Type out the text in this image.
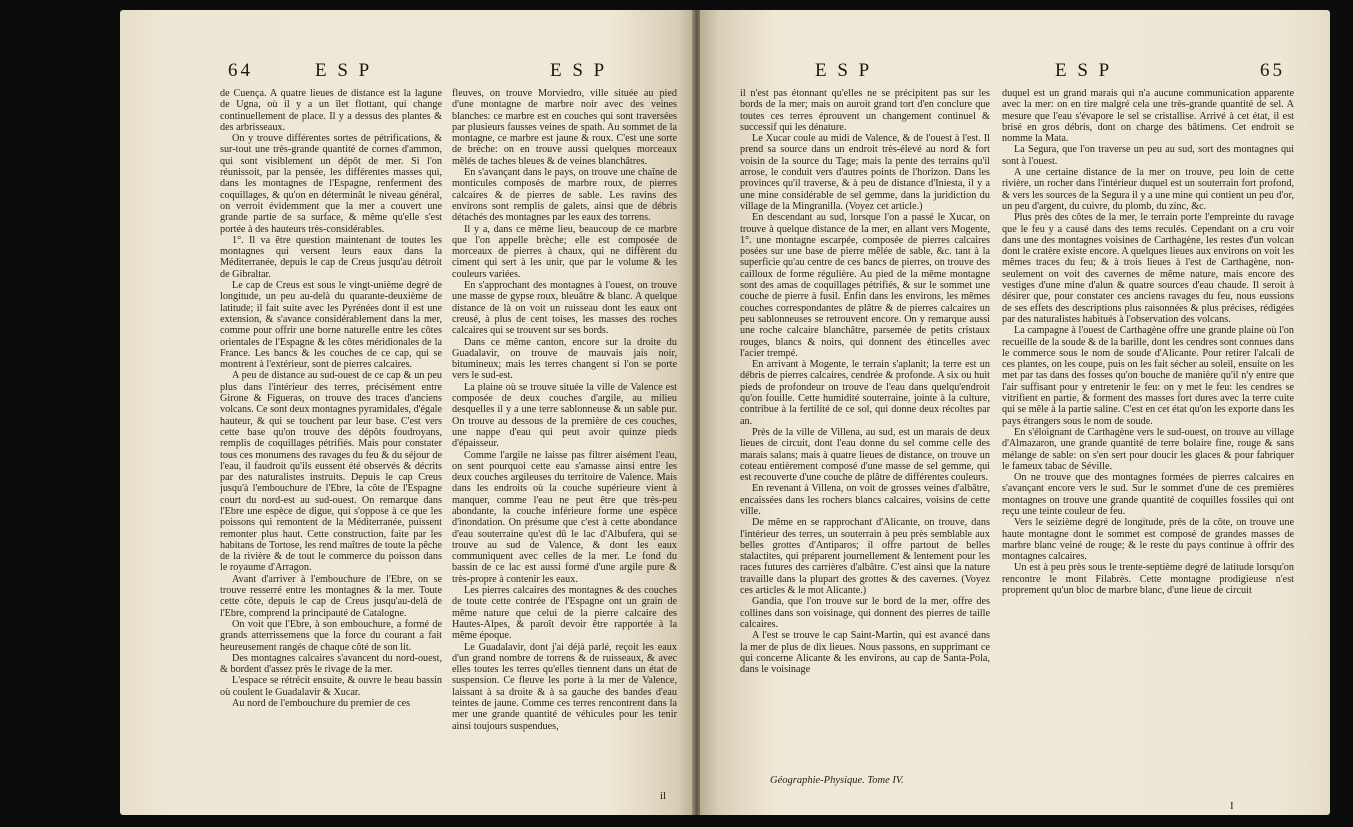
64	E S P	E S P

de Cuença. A quatre lieues de distance est la lagune de Ugna, où il y a un îlet flottant, qui change continuellement de place. Il y a dessus des plantes & des arbrisseaux.

On y trouve différentes sortes de pétrifications, & sur-tout une très-grande quantité de cornes d'ammon, qui sont visiblement un dépôt de mer. Si l'on réunissoit, par la pensée, les différentes masses qui, dans les montagnes de l'Espagne, renferment des coquillages, & qu'on en déterminât le niveau général, on verroit évidemment que la mer a couvert une grande partie de sa surface, & même qu'elle s'est portée à des hauteurs très-considérables.

1°. Il va être question maintenant de toutes les montagnes qui versent leurs eaux dans la Méditerranée, depuis le cap de Creus jusqu'au détroit de Gibraltar.

Le cap de Creus est sous le vingt-unième degré de longitude, un peu au-delà du quarante-deuxième de latitude; il fait suite avec les Pyrénées dont il est une extension, & s'avance considérablement dans la mer, comme pour offrir une borne naturelle entre les côtes orientales de l'Espagne & les côtes méridionales de la France. Les bancs & les couches de ce cap, qui se montrent à l'extérieur, sont de pierres calcaires.

A peu de distance au sud-ouest de ce cap & un peu plus dans l'intérieur des terres, précisément entre Girone & Figueras, on trouve des traces d'anciens volcans. Ce sont deux montagnes pyramidales, d'égale hauteur, & qui se touchent par leur base. C'est vers cette base qu'on trouve des dépôts foudroyans, remplis de coquillages pétrifiés. Mais pour constater tous ces monumens des ravages du feu & du séjour de l'eau, il faudroit qu'ils eussent été observés & décrits par des naturalistes instruits. Depuis le cap Creus jusqu'à l'embouchure de l'Ebre, la côte de l'Espagne court du nord-est au sud-ouest. On remarque dans l'Ebre une espèce de digue, qui s'oppose à ce que les poissons qui remontent de la Méditerranée, puissent remonter plus haut. Cette construction, faite par les habitans de Tortose, les rend maîtres de toute la pêche de la rivière & de tout le commerce du poisson dans le royaume d'Arragon.

Avant d'arriver à l'embouchure de l'Ebre, on se trouve resserré entre les montagnes & la mer. Toute cette côte, depuis le cap de Creus jusqu'au-delà de l'Ebre, comprend la principauté de Catalogne.

On voit que l'Ebre, à son embouchure, a formé de grands atterrissemens que la force du courant a fait heureusement rangés de chaque côté de son lit.

Des montagnes calcaires s'avancent du nord-ouest, & bordent d'assez près le rivage de la mer.

L'espace se rétrécit ensuite, & ouvre le beau bassin où coulent le Guadalavir & Xucar.

Au nord de l'embouchure du premier de ces

fleuves, on trouve Morviedro, ville située au pied d'une montagne de marbre noir avec des veines blanches: ce marbre est en couches qui sont traversées par plusieurs fausses veines de spath. Au sommet de la montagne, ce marbre est jaune & roux. C'est une sorte de brèche: on en trouve aussi quelques morceaux mêlés de taches bleues & de veines blanchâtres.

En s'avançant dans le pays, on trouve une chaîne de monticules composés de marbre roux, de pierres calcaires & de pierres de sable. Les ravins des environs sont remplis de galets, ainsi que de débris détachés des montagnes par les eaux des torrens.

Il y a, dans ce même lieu, beaucoup de ce marbre que l'on appelle brèche; elle est composée de morceaux de pierres à chaux, qui ne diffèrent du ciment qui sert à les unir, que par le volume & les couleurs variées.

En s'approchant des montagnes à l'ouest, on trouve une masse de gypse roux, bleuâtre & blanc. A quelque distance de là on voit un ruisseau dont les eaux ont creusé, à plus de cent toises, les masses des roches calcaires qui se trouvent sur ses bords.

Dans ce même canton, encore sur la droite du Guadalavir, on trouve de mauvais jais noir, bitumineux; mais les terres changent si l'on se porte vers le sud-est.

La plaine où se trouve située la ville de Valence est composée de deux couches d'argile, au milieu desquelles il y a une terre sablonneuse & un sable pur. On trouve au dessous de la première de ces couches, une nappe d'eau qui peut avoir quinze pieds d'épaisseur.

Comme l'argile ne laisse pas filtrer aisément l'eau, on sent pourquoi cette eau s'amasse ainsi entre les deux couches argileuses du territoire de Valence. Mais dans les endroits où la couche supérieure vient à manquer, comme l'eau ne peut être que très-peu abondante, la couche inférieure forme une espèce d'inondation. On présume que c'est à cette abondance d'eau souterraine qu'est dû le lac d'Albufera, qui se trouve au sud de Valence, & dont les eaux communiquent avec celles de la mer. Le fond du bassin de ce lac est aussi formé d'une argile pure & très-propre à contenir les eaux.

Les pierres calcaires des montagnes & des couches de toute cette contrée de l'Espagne ont un grain de même nature que celui de la pierre calcaire des Hautes-Alpes, & paroît devoir être rapportée à la même époque.

Le Guadalavir, dont j'ai déjà parlé, reçoit les eaux d'un grand nombre de torrens & de ruisseaux, & avec elles toutes les terres qu'elles tiennent dans un état de suspension. Ce fleuve les porte à la mer de Valence, laissant à sa droite & à sa gauche des bandes d'eau teintes de jaune. Comme ces terres rencontrent dans la mer une grande quantité de véhicules pour les tenir ainsi toujours suspendues,

il
E S P	E S P	65

il n'est pas étonnant qu'elles ne se précipitent pas sur les bords de la mer; mais on auroit grand tort d'en conclure que toutes ces terres éprouvent un changement continuel & successif qui les dénature.

Le Xucar coule au midi de Valence, & de l'ouest à l'est. Il prend sa source dans un endroit très-élevé au nord & fort voisin de la source du Tage; mais la pente des terrains qu'il arrose, le conduit vers d'autres points de l'horizon. Dans les provinces qu'il traverse, & à peu de distance d'Iniesta, il y a une mine considérable de sel gemme, dans la juridiction du village de la Mingranilla. (Voyez cet article.)

En descendant au sud, lorsque l'on a passé le Xucar, on trouve à quelque distance de la mer, en allant vers Mogente, 1°. une montagne escarpée, composée de pierres calcaires posées sur une base de pierre mêlée de sable, &c. tant à la superficie qu'au centre de ces bancs de pierres, on trouve des cailloux de forme régulière. Au pied de la même montagne sont des amas de coquillages pétrifiés, & sur le sommet une couche de pierre à fusil. Enfin dans les environs, les mêmes couches correspondantes de plâtre & de pierres calcaires un peu sablonneuses se retrouvent encore. On y remarque aussi une roche calcaire blanchâtre, parsemée de petits cristaux rouges, blancs & noirs, qui donnent des étincelles avec l'acier trempé.

En arrivant à Mogente, le terrain s'aplanit; la terre est un débris de pierres calcaires, cendrée & profonde. A six ou huit pieds de profondeur on trouve de l'eau dans quelqu'endroit qu'on fouille. Cette humidité souterraine, jointe à la culture, contribue à la fertilité de ce sol, qui donne deux récoltes par an.

Près de la ville de Villena, au sud, est un marais de deux lieues de circuit, dont l'eau donne du sel comme celle des marais salans; mais à quatre lieues de distance, on trouve un coteau entièrement composé d'une masse de sel gemme, qui est recouverte d'une couche de plâtre de différentes couleurs.

En revenant à Villena, on voit de grosses veines d'albâtre, encaissées dans les rochers blancs calcaires, voisins de cette ville.

De même en se rapprochant d'Alicante, on trouve, dans l'intérieur des terres, un souterrain à peu près semblable aux belles grottes d'Antiparos; il offre partout de belles stalactites, qui préparent journellement & lentement pour les races futures des carrières d'albâtre. C'est ainsi que la nature travaille dans la plupart des grottes & des cavernes. (Voyez ces articles & le mot Alicante.)

Gandia, que l'on trouve sur le bord de la mer, offre des collines dans son voisinage, qui donnent des pierres de taille calcaires.

A l'est se trouve le cap Saint-Martin, qui est avancé dans la mer de plus de dix lieues. Nous passons, en supprimant ce qui concerne Alicante & les environs, au cap de Santa-Pola, dans le voisinage

Géographie-Physique. Tome IV.

duquel est un grand marais qui n'a aucune communication apparente avec la mer: on en tire malgré cela une très-grande quantité de sel. A mesure que l'eau s'évapore le sel se cristallise. Arrivé à cet état, il est brisé en gros débris, dont on charge des bâtimens. Cet endroit se nomme la Mata.

La Segura, que l'on traverse un peu au sud, sort des montagnes qui sont à l'ouest.

A une certaine distance de la mer on trouve, peu loin de cette rivière, un rocher dans l'intérieur duquel est un souterrain fort profond, & vers les sources de la Segura il y a une mine qui contient un peu d'or, un peu d'argent, du cuivre, du plomb, du zinc, &c.

Plus près des côtes de la mer, le terrain porte l'empreinte du ravage que le feu y a causé dans des tems reculés. Cependant on a cru voir dans une des montagnes voisines de Carthagène, les restes d'un volcan dont le cratère existe encore. A quelques lieues aux environs on voit les mêmes traces du feu; & à trois lieues à l'est de Carthagène, non-seulement on voit des cavernes de même nature, mais encore des vestiges d'une mine d'alun & quatre sources d'eau chaude. Il seroit à désirer que, pour constater ces anciens ravages du feu, nous eussions de ses effets des descriptions plus raisonnées & plus précises, rédigées par des naturalistes habitués à l'observation des volcans.

La campagne à l'ouest de Carthagène offre une grande plaine où l'on recueille de la soude & de la barille, dont les cendres sont connues dans le commerce sous le nom de soude d'Alicante. Pour retirer l'alcali de ces plantes, on les coupe, puis on les fait sécher au soleil, ensuite on les met par tas dans des fosses qu'on bouche de manière qu'il n'y entre que l'air suffisant pour y entretenir le feu: on y met le feu: les cendres se vitrifient en partie, & forment des masses fort dures avec la terre cuite qui se mêle à la partie saline. C'est en cet état qu'on les exporte dans les pays étrangers sous le nom de soude.

En s'éloignant de Carthagène vers le sud-ouest, on trouve au village d'Almazaron, une grande quantité de terre bolaire fine, rouge & sans mélange de sable: on s'en sert pour doucir les glaces & pour fabriquer le fameux tabac de Séville.

On ne trouve que des montagnes formées de pierres calcaires en s'avançant encore vers le sud. Sur le sommet d'une de ces premières montagnes on trouve une grande quantité de coquilles fossiles qui ont reçu une teinte couleur de feu.

Vers le seizième degré de longitude, près de la côte, on trouve une haute montagne dont le sommet est composé de grandes masses de marbre blanc veiné de rouge; & le reste du pays continue à offrir des montagnes calcaires.

Un est à peu près sous le trente-septième degré de latitude lorsqu'on rencontre le mont Filabrès. Cette montagne prodigieuse n'est proprement qu'un bloc de marbre blanc, d'une lieue de circuit

I
